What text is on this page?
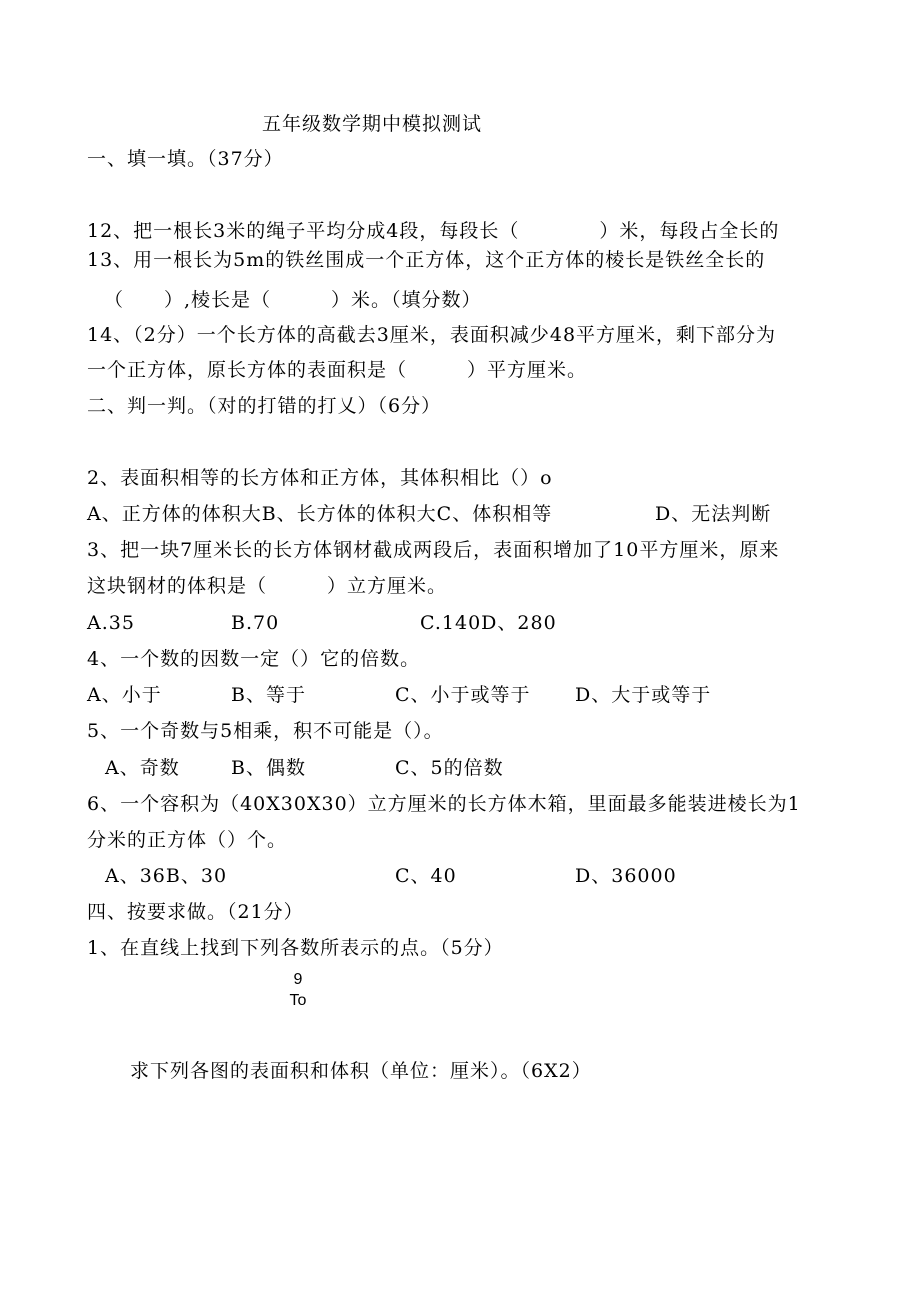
五年级数学期中模拟测试
一、填一填。（37分）
12、把一根长3米的绳子平均分成4段，每段长（　　　　）米，每段占全长的
13、用一根长为5m的铁丝围成一个正方体，这个正方体的棱长是铁丝全长的
（　　）,棱长是（　　　）米。（填分数）
14、（2分）一个长方体的高截去3厘米，表面积减少48平方厘米，剩下部分为
一个正方体，原长方体的表面积是（　　　）平方厘米。
二、判一判。（对的打错的打乂）（6分）
2、表面积相等的长方体和正方体，其体积相比（）o
A、正方体的体积大B、长方体的体积大C、体积相等	D、无法判断
3、把一块7厘米长的长方体钢材截成两段后，表面积增加了10平方厘米，原来
这块钢材的体积是（　　　）立方厘米。
A.35	B.70	C.140D、280
4、一个数的因数一定（）它的倍数。
A、小于	B、等于	C、小于或等于 D、大于或等于
5、一个奇数与5相乘，积不可能是（）。
A、奇数	B、偶数	C、5的倍数
6、一个容积为（40X30X30）立方厘米的长方体木箱，里面最多能装进棱长为1
分米的正方体（）个。
A、36B、30	C、40	D、36000
四、按要求做。（21分）
1、在直线上找到下列各数所表示的点。（5分）
9
To
求下列各图的表面积和体积（单位：厘米）。（6X2）
